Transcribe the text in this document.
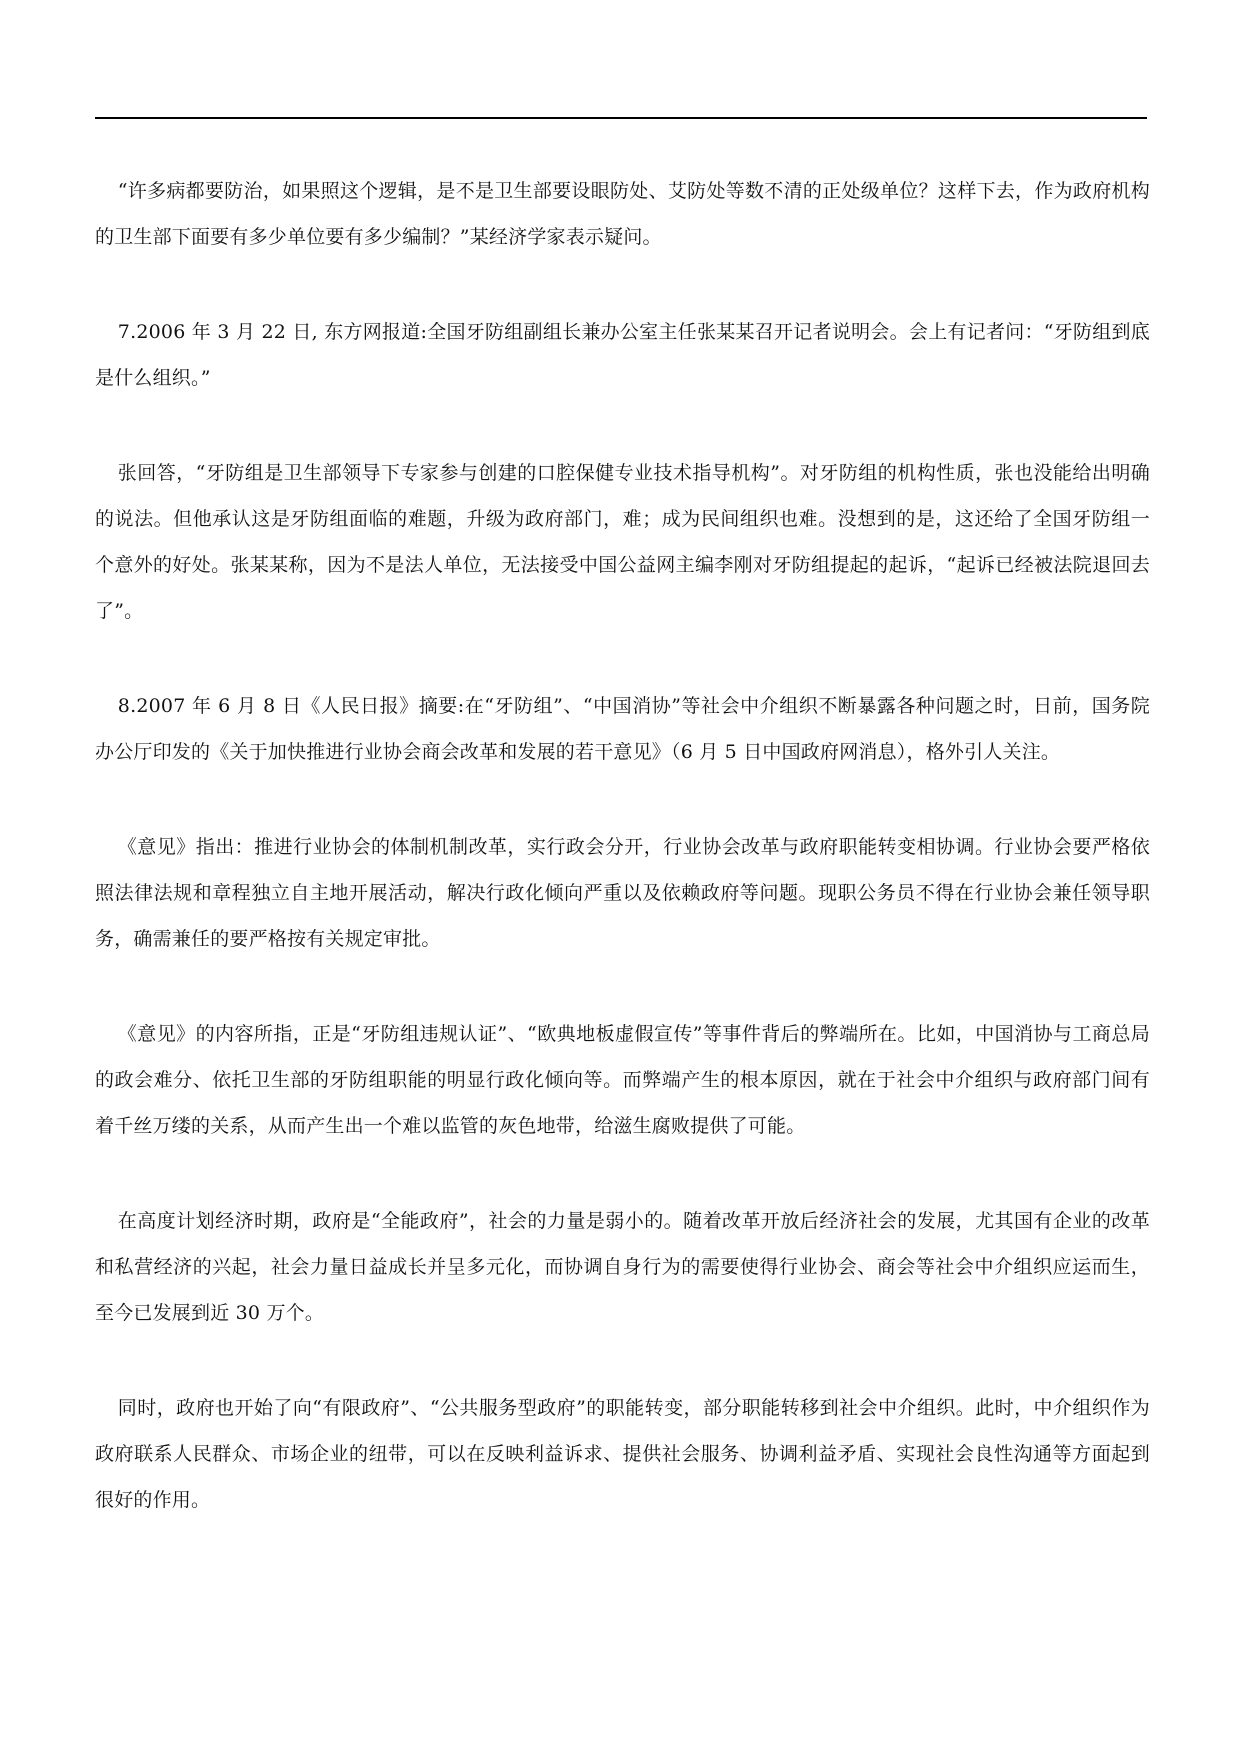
“许多病都要防治，如果照这个逻辑，是不是卫生部要设眼防处、艾防处等数不清的正处级单位？这样下去，作为政府机构的卫生部下面要有多少单位要有多少编制？”某经济学家表示疑问。

7.2006 年 3 月 22 日, 东方网报道:全国牙防组副组长兼办公室主任张某某召开记者说明会。会上有记者问：“牙防组到底是什么组织。”

张回答，“牙防组是卫生部领导下专家参与创建的口腔保健专业技术指导机构”。对牙防组的机构性质，张也没能给出明确的说法。但他承认这是牙防组面临的难题，升级为政府部门，难；成为民间组织也难。没想到的是，这还给了全国牙防组一个意外的好处。张某某称，因为不是法人单位，无法接受中国公益网主编李刚对牙防组提起的起诉，“起诉已经被法院退回去了”。

8.2007 年 6 月 8 日《人民日报》摘要:在“牙防组”、“中国消协”等社会中介组织不断暴露各种问题之时，日前，国务院办公厅印发的《关于加快推进行业协会商会改革和发展的若干意见》（6 月 5 日中国政府网消息），格外引人关注。

《意见》指出：推进行业协会的体制机制改革，实行政会分开，行业协会改革与政府职能转变相协调。行业协会要严格依照法律法规和章程独立自主地开展活动，解决行政化倾向严重以及依赖政府等问题。现职公务员不得在行业协会兼任领导职务，确需兼任的要严格按有关规定审批。

《意见》的内容所指，正是“牙防组违规认证”、“欧典地板虚假宣传”等事件背后的弊端所在。比如，中国消协与工商总局的政会难分、依托卫生部的牙防组职能的明显行政化倾向等。而弊端产生的根本原因，就在于社会中介组织与政府部门间有着千丝万缕的关系，从而产生出一个难以监管的灰色地带，给滋生腐败提供了可能。

在高度计划经济时期，政府是“全能政府”，社会的力量是弱小的。随着改革开放后经济社会的发展，尤其国有企业的改革和私营经济的兴起，社会力量日益成长并呈多元化，而协调自身行为的需要使得行业协会、商会等社会中介组织应运而生，至今已发展到近 30 万个。

同时，政府也开始了向“有限政府”、“公共服务型政府”的职能转变，部分职能转移到社会中介组织。此时，中介组织作为政府联系人民群众、市场企业的纽带，可以在反映利益诉求、提供社会服务、协调利益矛盾、实现社会良性沟通等方面起到很好的作用。
